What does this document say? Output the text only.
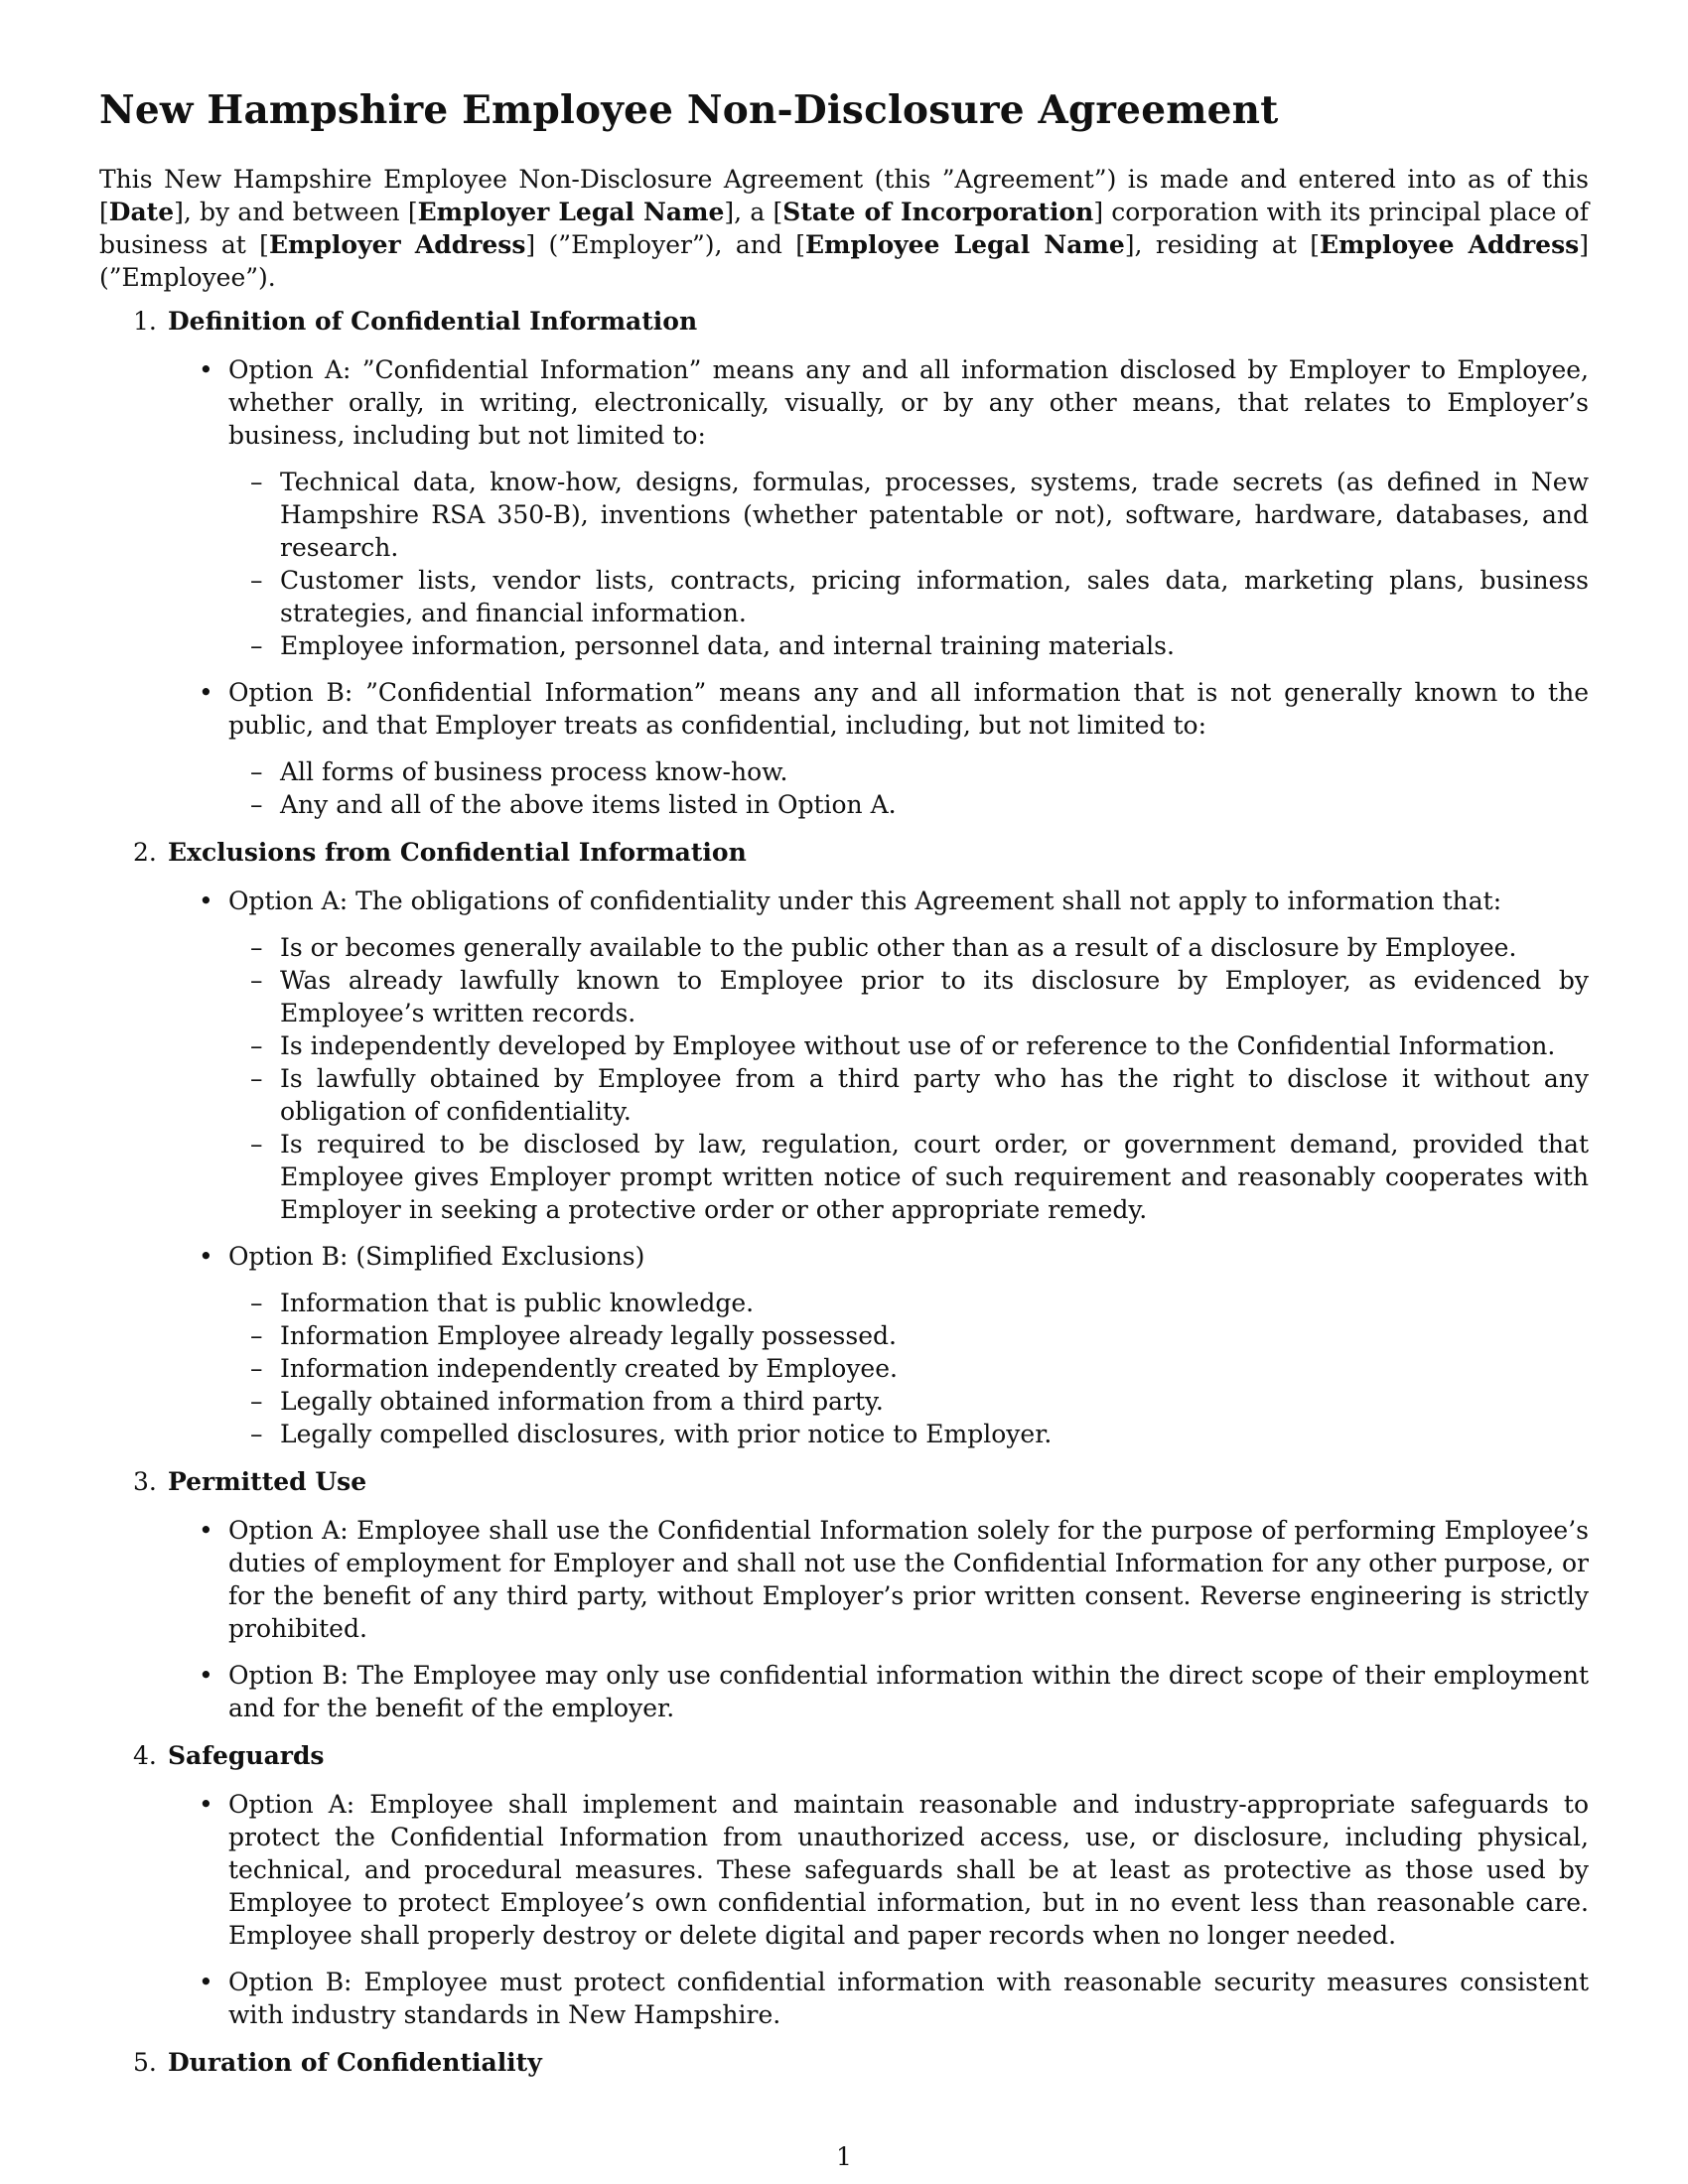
New Hampshire Employee Non-Disclosure Agreement

This New Hampshire Employee Non-Disclosure Agreement (this ”Agreement”) is made and entered into as of this [Date], by and between [Employer Legal Name], a [State of Incorporation] corporation with its principal place of business at [Employer Address] (”Employer”), and [Employee Legal Name], residing at [Employee Address] (”Employee”).

1. Definition of Confidential Information
• Option A: ”Confidential Information” means any and all information disclosed by Employer to Employee, whether orally, in writing, electronically, visually, or by any other means, that relates to Employer’s business, including but not limited to:
– Technical data, know-how, designs, formulas, processes, systems, trade secrets (as defined in New Hampshire RSA 350-B), inventions (whether patentable or not), software, hardware, databases, and research.
– Customer lists, vendor lists, contracts, pricing information, sales data, marketing plans, business strategies, and financial information.
– Employee information, personnel data, and internal training materials.
• Option B: ”Confidential Information” means any and all information that is not generally known to the public, and that Employer treats as confidential, including, but not limited to:
– All forms of business process know-how.
– Any and all of the above items listed in Option A.
2. Exclusions from Confidential Information
• Option A: The obligations of confidentiality under this Agreement shall not apply to information that:
– Is or becomes generally available to the public other than as a result of a disclosure by Employee.
– Was already lawfully known to Employee prior to its disclosure by Employer, as evidenced by Employee’s written records.
– Is independently developed by Employee without use of or reference to the Confidential Information.
– Is lawfully obtained by Employee from a third party who has the right to disclose it without any obligation of confidentiality.
– Is required to be disclosed by law, regulation, court order, or government demand, provided that Employee gives Employer prompt written notice of such requirement and reasonably cooperates with Employer in seeking a protective order or other appropriate remedy.
• Option B: (Simplified Exclusions)
– Information that is public knowledge.
– Information Employee already legally possessed.
– Information independently created by Employee.
– Legally obtained information from a third party.
– Legally compelled disclosures, with prior notice to Employer.
3. Permitted Use
• Option A: Employee shall use the Confidential Information solely for the purpose of performing Employee’s duties of employment for Employer and shall not use the Confidential Information for any other purpose, or for the benefit of any third party, without Employer’s prior written consent. Reverse engineering is strictly prohibited.
• Option B: The Employee may only use confidential information within the direct scope of their employment and for the benefit of the employer.
4. Safeguards
• Option A: Employee shall implement and maintain reasonable and industry-appropriate safeguards to protect the Confidential Information from unauthorized access, use, or disclosure, including physical, technical, and procedural measures. These safeguards shall be at least as protective as those used by Employee to protect Employee’s own confidential information, but in no event less than reasonable care. Employee shall properly destroy or delete digital and paper records when no longer needed.
• Option B: Employee must protect confidential information with reasonable security measures consistent with industry standards in New Hampshire.
5. Duration of Confidentiality
1
